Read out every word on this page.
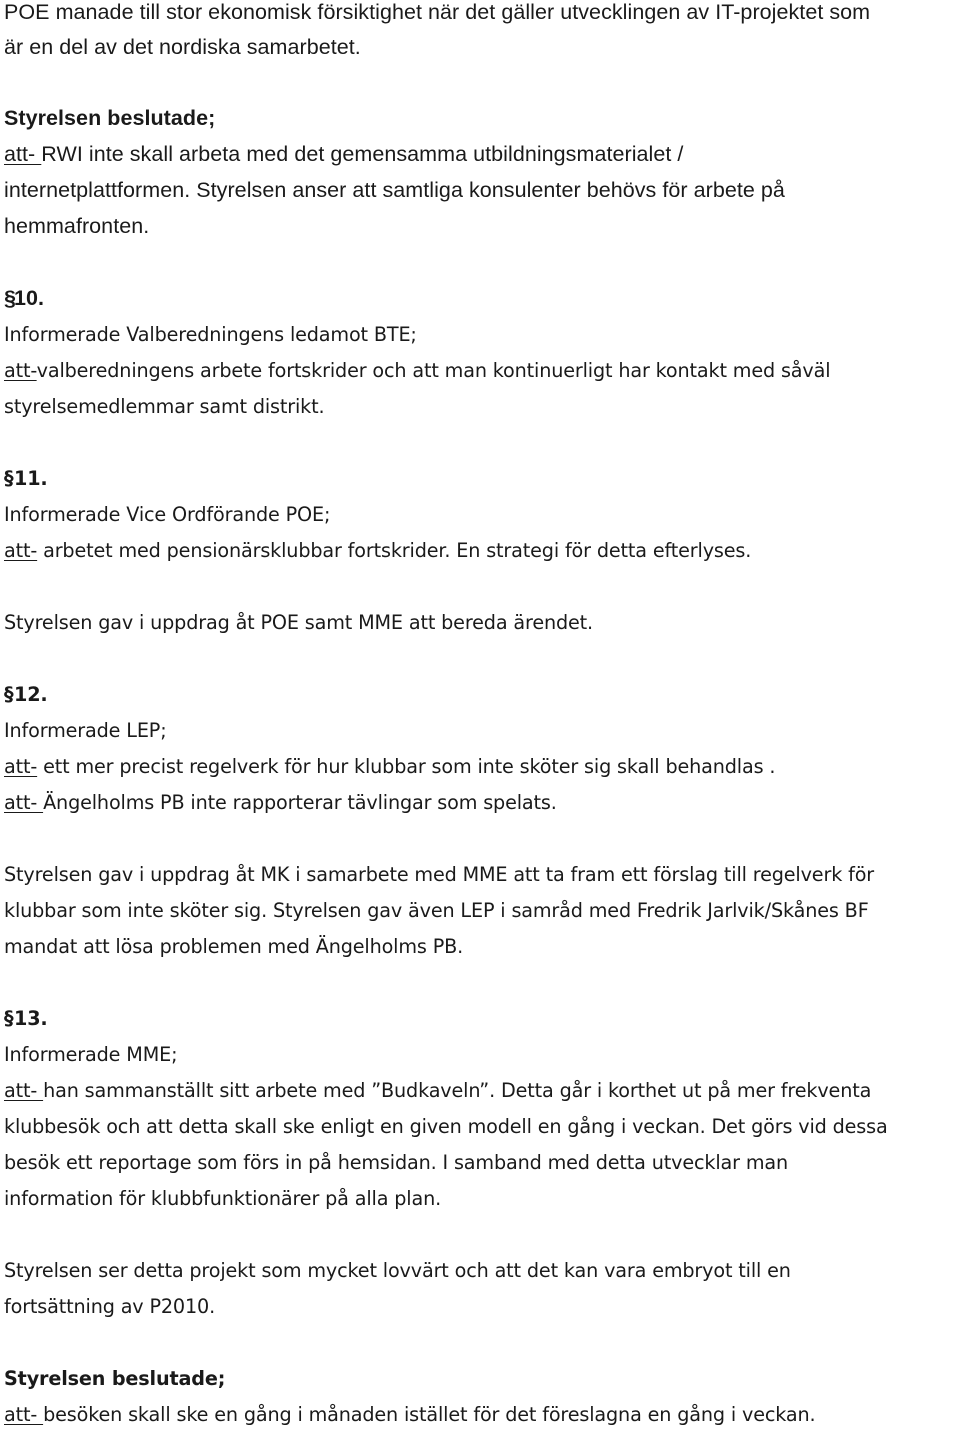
POE manade till stor ekonomisk försiktighet när det gäller utvecklingen av IT-projektet som
är en del av det nordiska samarbetet.
Styrelsen beslutade;
att- RWI inte skall arbeta med det gemensamma utbildningsmaterialet /
internetplattformen. Styrelsen anser att samtliga konsulenter behövs för arbete på
hemmafronten.
§10.
Informerade Valberedningens ledamot BTE;
att-valberedningens arbete fortskrider och att man kontinuerligt har kontakt med såväl
styrelsemedlemmar samt distrikt.
§11.
Informerade Vice Ordförande POE;
att- arbetet med pensionärsklubbar fortskrider. En strategi för detta efterlyses.
Styrelsen gav i uppdrag åt POE samt MME att bereda ärendet.
§12.
Informerade LEP;
att- ett mer precist regelverk för hur klubbar som inte sköter sig skall behandlas .
att- Ängelholms PB inte rapporterar tävlingar som spelats.
Styrelsen gav i uppdrag åt MK i samarbete med MME att ta fram ett förslag till regelverk för
klubbar som inte sköter sig. Styrelsen gav även LEP i samråd med Fredrik Jarlvik/Skånes BF
mandat att lösa problemen med Ängelholms PB.
§13.
Informerade MME;
att- han sammanställt sitt arbete med ”Budkaveln”. Detta går i korthet ut på mer frekventa
klubbesök och att detta skall ske enligt en given modell en gång i veckan. Det görs vid dessa
besök ett reportage som förs in på hemsidan. I samband med detta utvecklar man
information för klubbfunktionärer på alla plan.
Styrelsen ser detta projekt som mycket lovvärt och att det kan vara embryot till en
fortsättning av P2010.
Styrelsen beslutade;
att- besöken skall ske en gång i månaden istället för det föreslagna en gång i veckan.
